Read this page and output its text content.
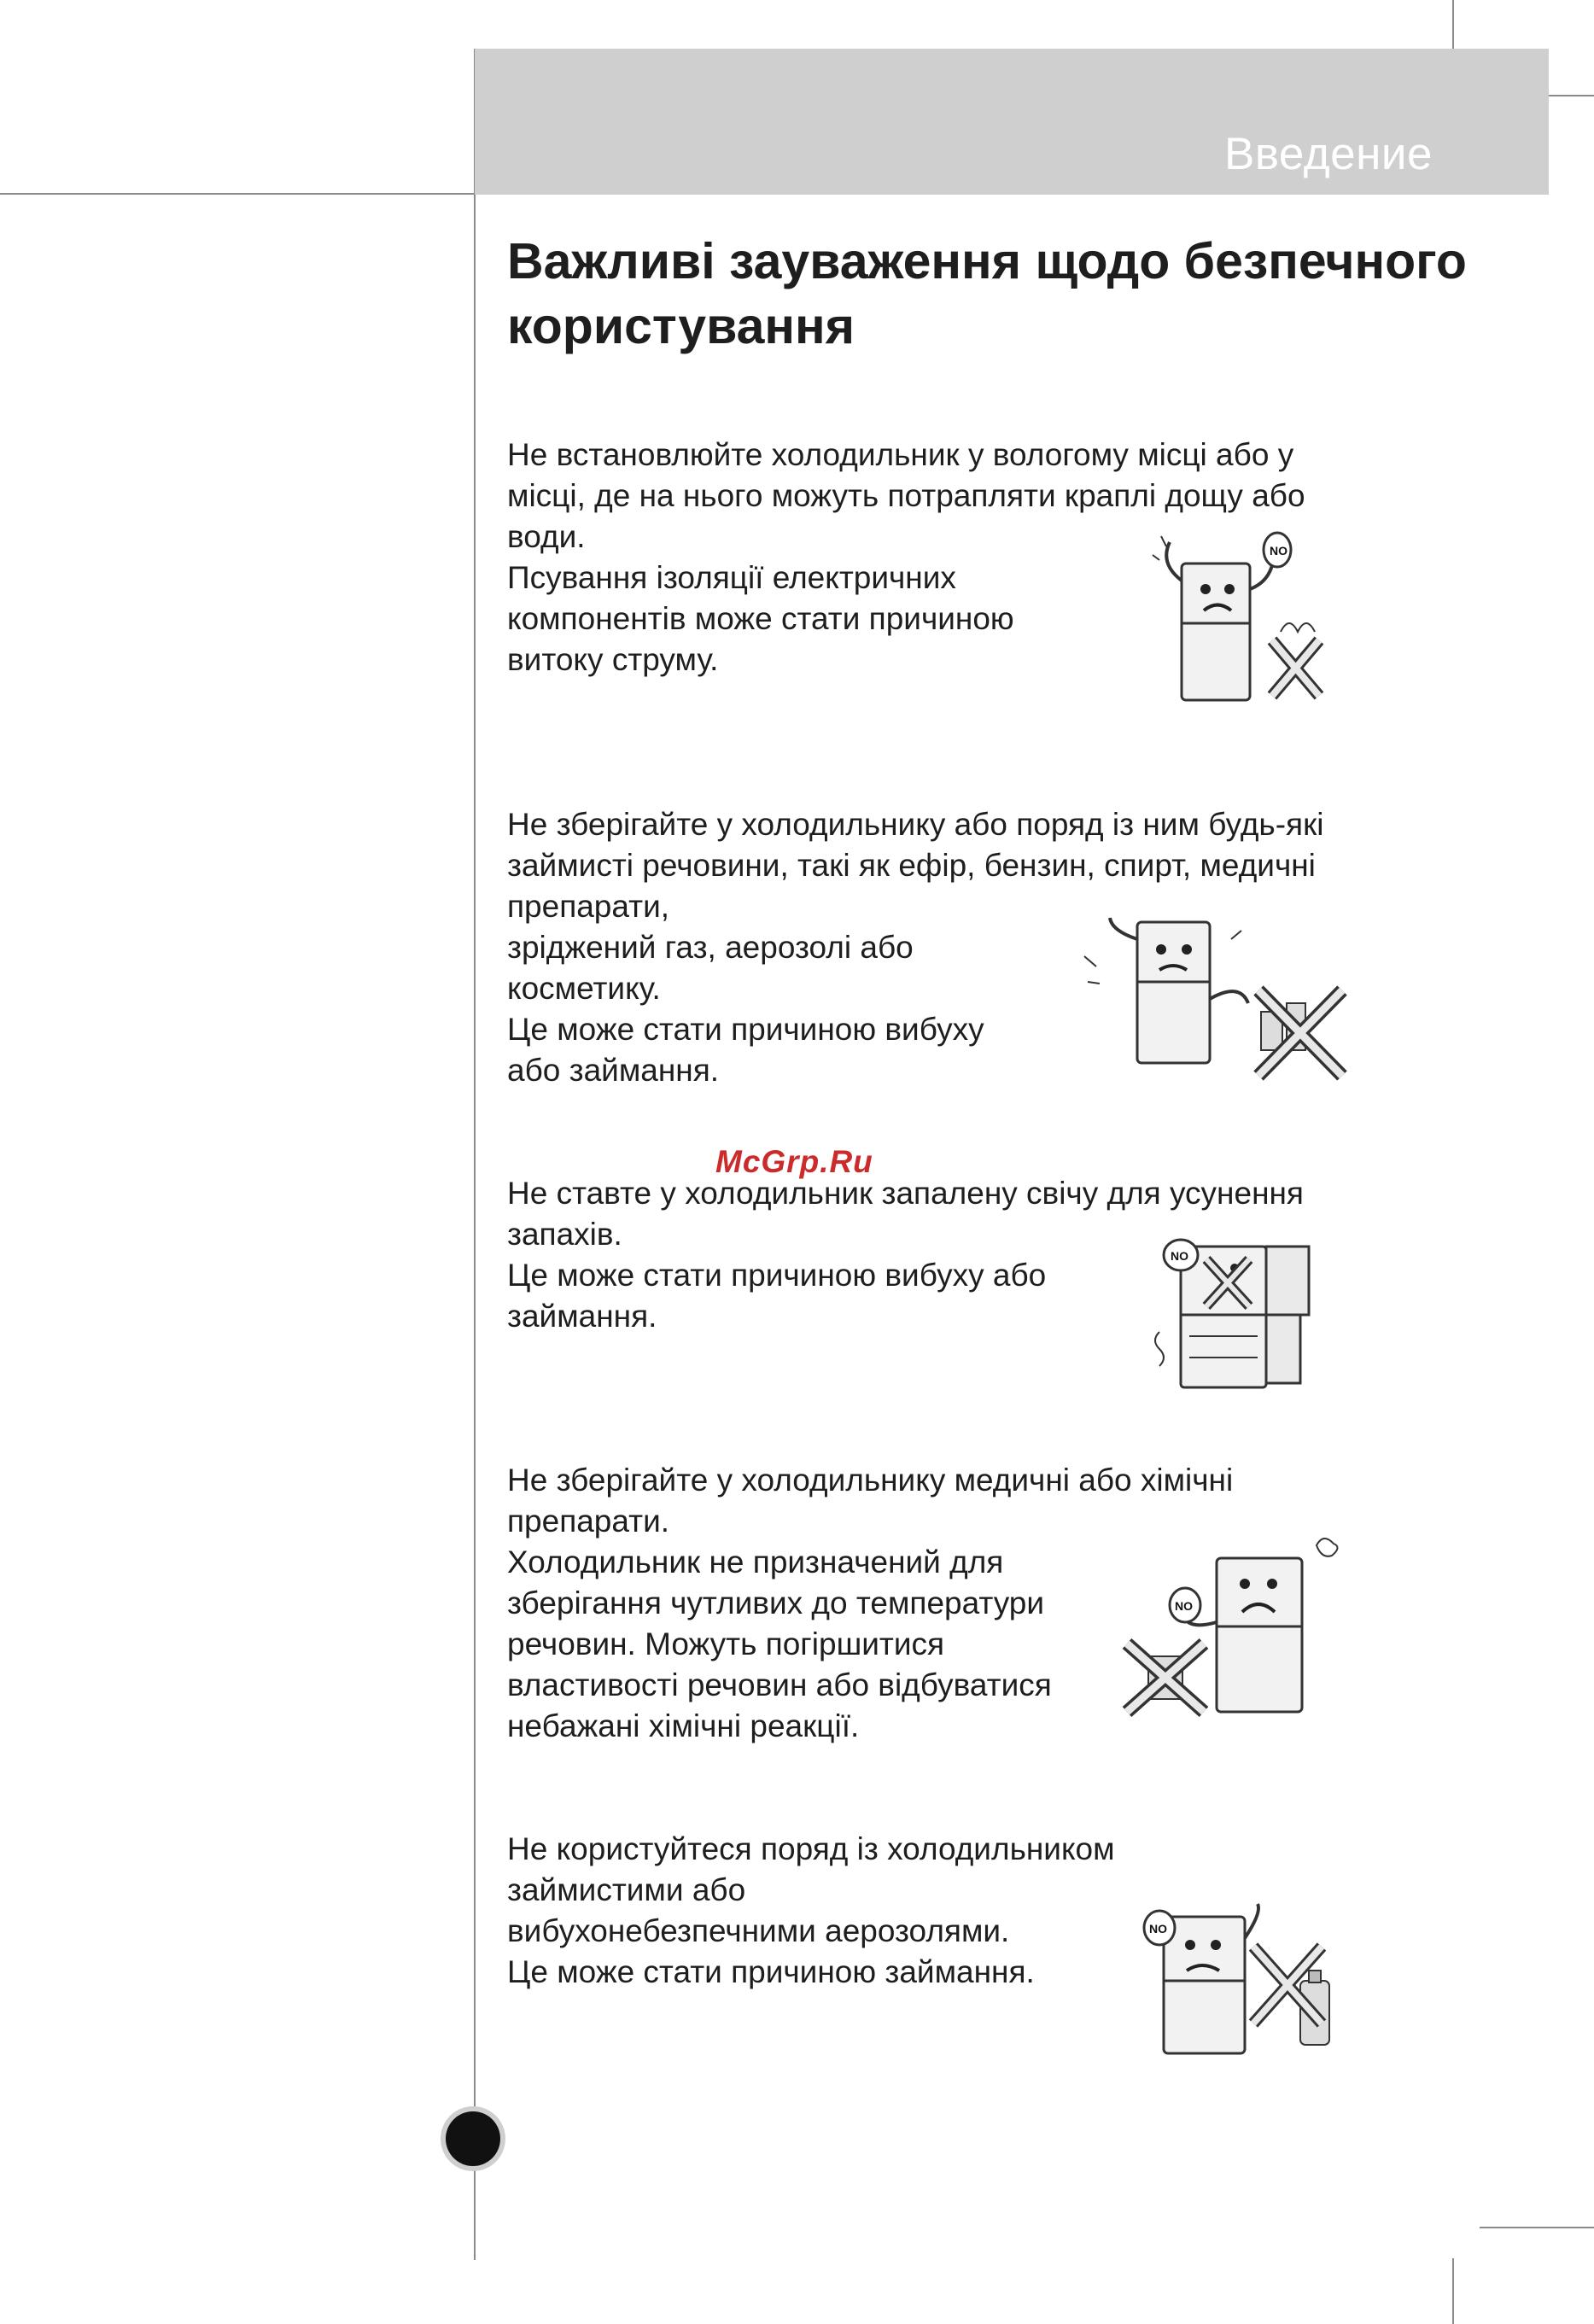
Введение
Важливі зауваження щодо безпечного користування
Не встановлюйте холодильник у вологому місці або у місці, де на нього можуть потрапляти краплі дощу або води.
Псування ізоляції електричних
компонентів може стати причиною
витоку струму.
NO
Не зберігайте у холодильнику або поряд із ним будь-які займисті речовини, такі як ефір, бензин, спирт, медичні препарати,
зріджений газ, аерозолі або
косметику.
Це може стати причиною вибуху
або займання.
McGrp.Ru
Не ставте у холодильник запалену свічу для усунення запахів.
Це може стати причиною вибуху або
займання.
NO
Не зберігайте у холодильнику медичні або хімічні препарати.
Холодильник не призначений для
зберігання чутливих до температури
речовин. Можуть погіршитися
властивості речовин або відбуватися
небажані хімічні реакції.
NO
Не користуйтеся поряд із холодильником
займистими або
вибухонебезпечними аерозолями.
Це може стати причиною займання.
NO
